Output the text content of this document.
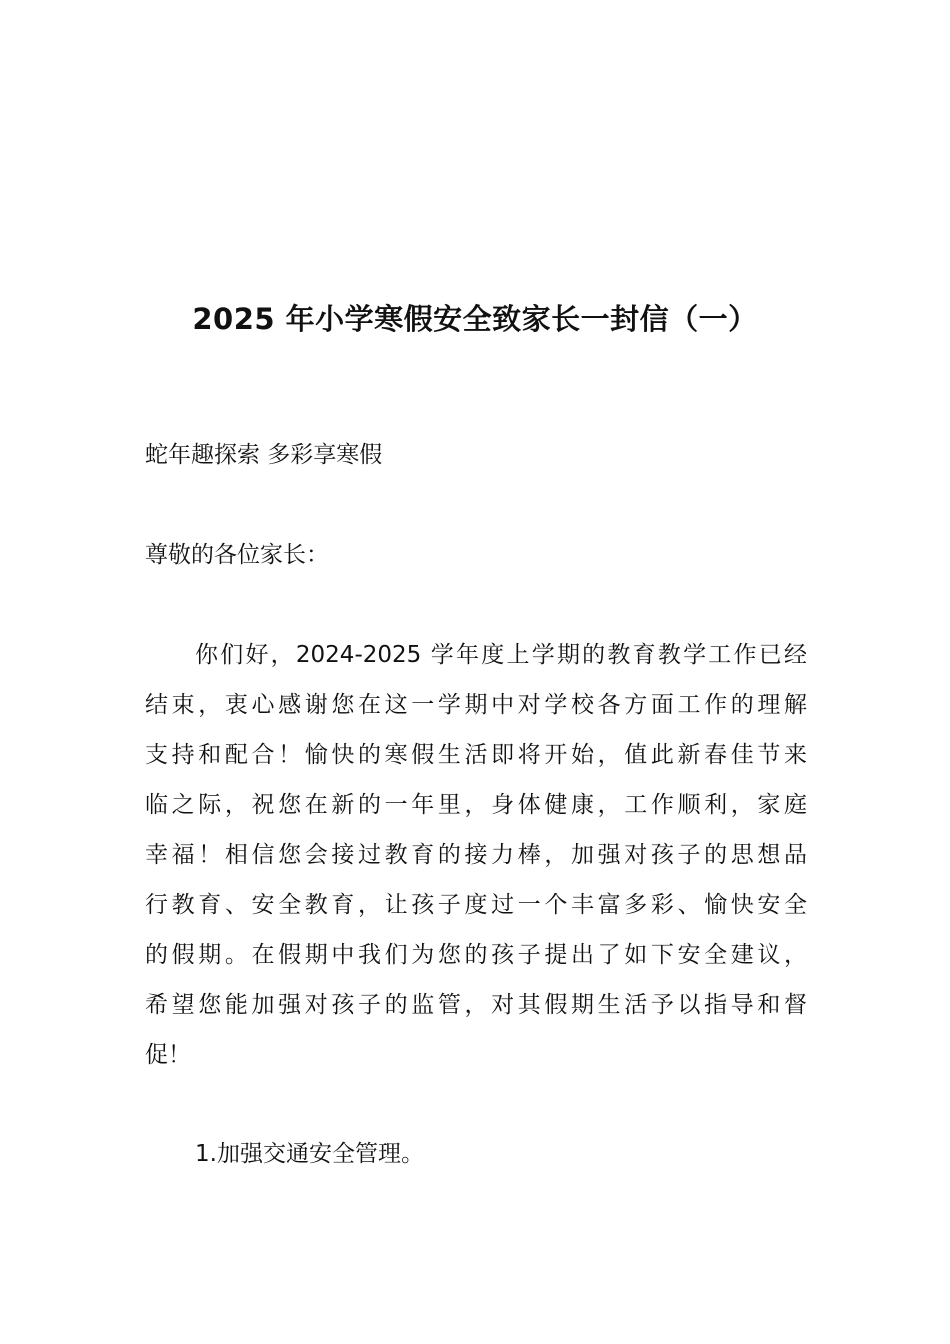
2025 年小学寒假安全致家长一封信（一）
蛇年趣探索 多彩享寒假
尊敬的各位家长：
你们好，2024-2025 学年度上学期的教育教学工作已经
结束，衷心感谢您在这一学期中对学校各方面工作的理解
支持和配合！愉快的寒假生活即将开始，值此新春佳节来
临之际，祝您在新的一年里，身体健康，工作顺利，家庭
幸福！相信您会接过教育的接力棒，加强对孩子的思想品
行教育、安全教育，让孩子度过一个丰富多彩、愉快安全
的假期。在假期中我们为您的孩子提出了如下安全建议，
希望您能加强对孩子的监管，对其假期生活予以指导和督
促！
1.加强交通安全管理。
